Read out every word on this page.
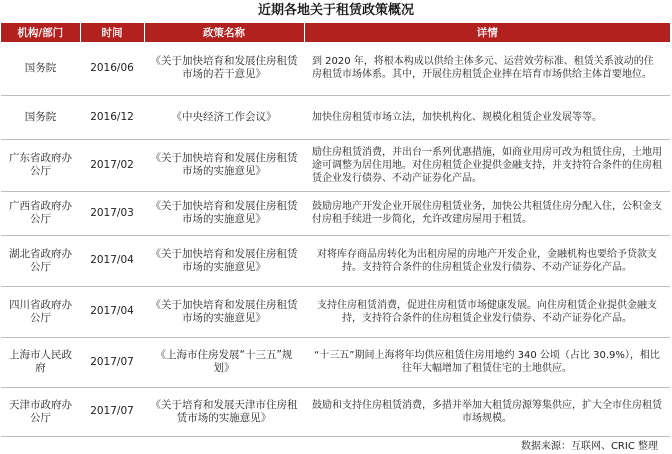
近期各地关于租赁政策概况
机构/部门	时间	政策名称	详情
国务院	2016/06	《关于加快培育和发展住房租赁市场的若干意见》	到 2020 年，将根本构成以供给主体多元、运营效劳标准、租赁关系波动的住房租赁市场体系。其中，开展住房租赁企业摔在培育市场供给主体首要地位。
国务院	2016/12	《中央经济工作会议》	加快住房租赁市场立法，加快机构化、规模化租赁企业发展等等。
广东省政府办公厅	2017/02	《关于加快培育和发展住房租赁市场的实施意见》	励住房租赁消费，并出台一系列优惠措施，如商业用房可改为租赁住房，土地用途可调整为居住用地。对住房租赁企业提供金融支持，并支持符合条件的住房租赁企业发行债券、不动产证券化产品。
广西省政府办公厅	2017/03	《关于加快培育和发展住房租赁市场的实施意见》	鼓励房地产开发企业开展住房租赁业务，加快公共租赁住房分配入住，公积金支付房租手续进一步简化，允许改建房屋用于租赁。
湖北省政府办公厅	2017/04	《关于加快培育和发展住房租赁市场的实施意见》	对将库存商品房转化为出租房屋的房地产开发企业，金融机构也要给予贷款支持。支持符合条件的住房租赁企业发行债券、不动产证券化产品。
四川省政府办公厅	2017/04	《关于加快培育和发展住房租赁市场的实施意见》	支持住房租赁消费，促进住房租赁市场健康发展。向住房租赁企业提供金融支持，支持符合条件的住房租赁企业发行债券、不动产证券化产品。
上海市人民政府	2017/07	《上海市住房发展“十三五”规划》	“十三五”期间上海将年均供应租赁住房用地约 340 公顷（占比 30.9%），相比往年大幅增加了租赁住宅的土地供应。
天津市政府办公厅	2017/07	《关于培育和发展天津市住房租赁市场的实施意见》	鼓励和支持住房租赁消费，多措并举加大租赁房源筹集供应，扩大全市住房租赁市场规模。
数据来源：互联网、CRIC 整理
